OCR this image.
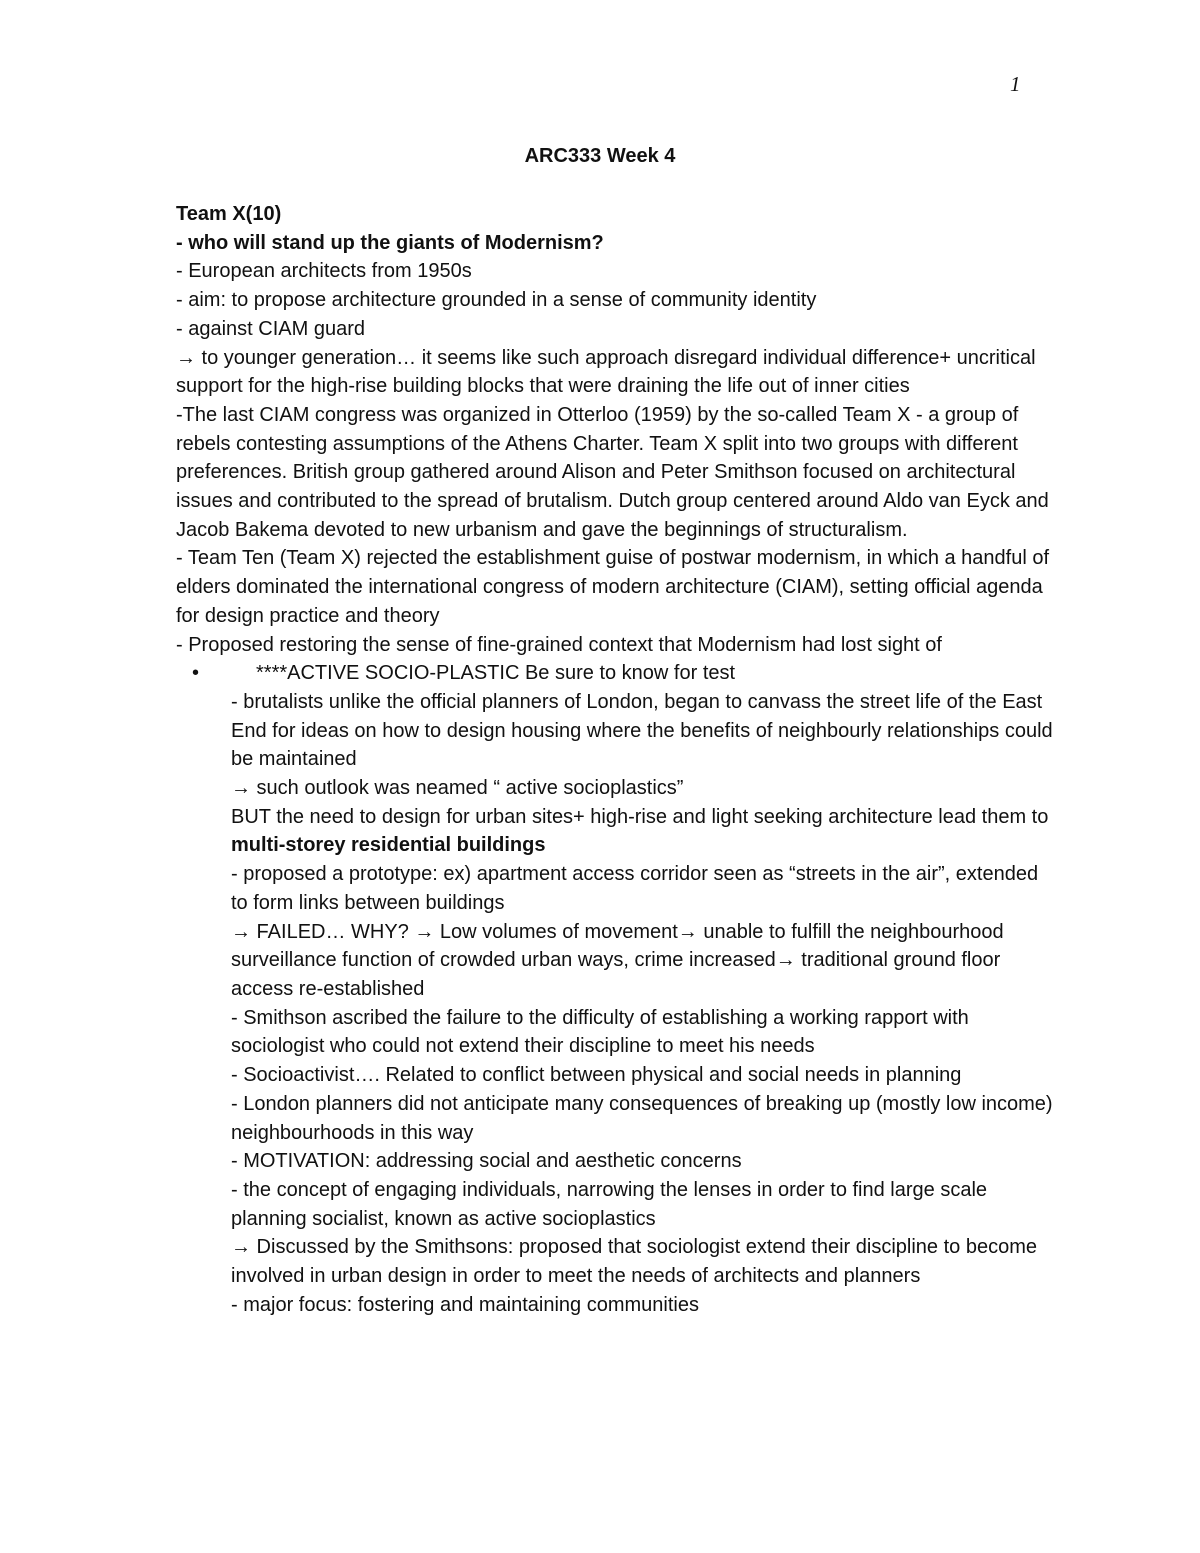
1
ARC333 Week 4

Team X(10)

- who will stand up the giants of Modernism?

- European architects from 1950s

- aim: to propose architecture grounded in a sense of community identity

- against CIAM guard

→ to younger generation… it seems like such approach disregard individual difference+ uncritical support for the high-rise building blocks that were draining the life out of inner cities

-The last CIAM congress was organized in Otterloo (1959) by the so-called Team X - a group of rebels contesting assumptions of the Athens Charter. Team X split into two groups with different preferences. British group gathered around Alison and Peter Smithson focused on architectural issues and contributed to the spread of brutalism. Dutch group centered around Aldo van Eyck and Jacob Bakema devoted to new urbanism and gave the beginnings of structuralism.

- Team Ten (Team X) rejected the establishment guise of postwar modernism, in which a handful of elders dominated the international congress of modern architecture (CIAM), setting official agenda for design practice and theory

- Proposed restoring the sense of fine-grained context that Modernism had lost sight of

•	****ACTIVE SOCIO-PLASTIC Be sure to know for test

- brutalists unlike the official planners of London, began to canvass the street life of the East End for ideas on how to design housing where the benefits of neighbourly relationships could be maintained

→ such outlook was neamed “ active socioplastics”

BUT the need to design for urban sites+ high-rise and light seeking architecture lead them to multi-storey residential buildings

- proposed a prototype: ex) apartment access corridor seen as “streets in the air”, extended to form links between buildings

→ FAILED… WHY? → Low volumes of movement→ unable to fulfill the neighbourhood surveillance function of crowded urban ways, crime increased→ traditional ground floor access re-established

- Smithson ascribed the failure to the difficulty of establishing a working rapport with sociologist who could not extend their discipline to meet his needs

- Socioactivist…. Related to conflict between physical and social needs in planning

- London planners did not anticipate many consequences of breaking up (mostly low income) neighbourhoods in this way

- MOTIVATION: addressing social and aesthetic concerns

- the concept of engaging individuals, narrowing the lenses in order to find large scale planning socialist, known as active socioplastics

→ Discussed by the Smithsons: proposed that sociologist extend their discipline to become involved in urban design in order to meet the needs of architects and planners

- major focus: fostering and maintaining communities
